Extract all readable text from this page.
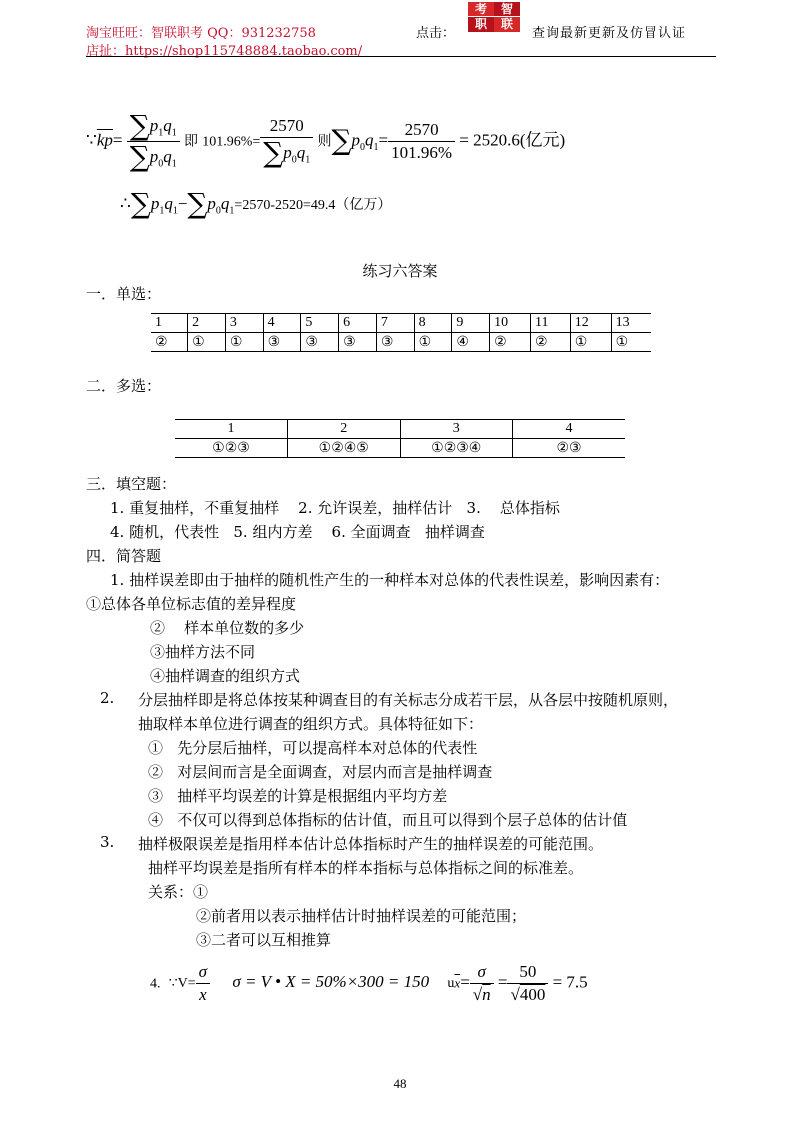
淘宝旺旺：智联职考 QQ：931232758
店扯：https://shop115748884.taobao.com/
点击：
考	智
职	联
查询最新更新及仿冒认证
$\because\overline{kp}= \frac{\sum p_1q_1}{\sum p_0q_1}$ 即 $101.96\%= \frac{2570}{\sum p_0q_1}$ 则$\sum p_0q_1= \frac{2570}{101.96\%} = 2520.6$(亿元)
$\therefore\sum p_1q_1-\sum p_0q_1=2570-2520=49.4$（亿万）
练习六答案
一．单选：
1	2	3	4	5	6	7	8	9	10	11	12	13
②	①	①	③	③	③	③	①	④	②	②	①	①
二．多选：
1	2	3	4
①②③	①②④⑤	①②③④	②③
三．填空题：
1. 重复抽样，不重复抽样    2. 允许误差，抽样估计   3.    总体指标
4. 随机，代表性   5. 组内方差    6. 全面调查   抽样调查
四．简答题
1. 抽样误差即由于抽样的随机性产生的一种样本对总体的代表性误差，影响因素有：
①总体各单位标志值的差异程度
②    样本单位数的多少
③抽样方法不同
④抽样调查的组织方式
2. 分层抽样即是将总体按某种调查目的有关标志分成若干层，从各层中按随机原则，
抽取样本单位进行调查的组织方式。具体特征如下：
①   先分层后抽样，可以提高样本对总体的代表性
②   对层间而言是全面调查，对层内而言是抽样调查
③   抽样平均误差的计算是根据组内平均方差
④   不仅可以得到总体指标的估计值，而且可以得到个层子总体的估计值
3. 抽样极限误差是指用样本估计总体指标时产生的抽样误差的可能范围。
抽样平均误差是指所有样本的样本指标与总体指标之间的标准差。
关系：①
②前者用以表示抽样估计时抽样误差的可能范围；
③二者可以互相推算
4. ∵V= $\frac{\sigma}{x}$ σ = V • X = 50%×300 = 150 $u\overline{x}= \frac{\sigma}{√n} = \frac{50}{√400} = 7.5$
48
